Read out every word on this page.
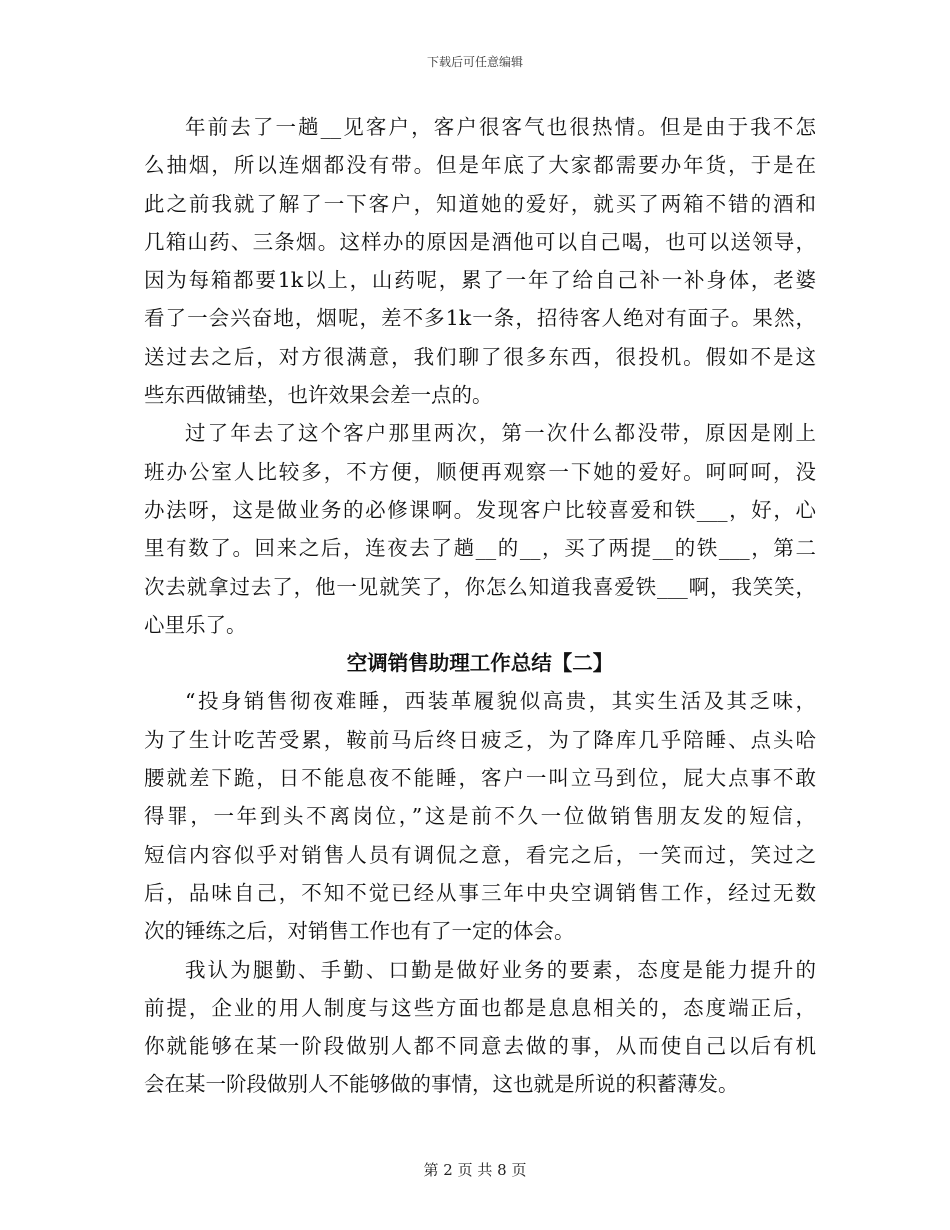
下载后可任意编辑
年前去了一趟__见客户，客户很客气也很热情。但是由于我不怎
么抽烟，所以连烟都没有带。但是年底了大家都需要办年货，于是在
此之前我就了解了一下客户，知道她的爱好，就买了两箱不错的酒和
几箱山药、三条烟。这样办的原因是酒他可以自己喝，也可以送领导，
因为每箱都要1k以上，山药呢，累了一年了给自己补一补身体，老婆
看了一会兴奋地，烟呢，差不多1k一条，招待客人绝对有面子。果然，
送过去之后，对方很满意，我们聊了很多东西，很投机。假如不是这
些东西做铺垫，也许效果会差一点的。
过了年去了这个客户那里两次，第一次什么都没带，原因是刚上
班办公室人比较多，不方便，顺便再观察一下她的爱好。呵呵呵，没
办法呀，这是做业务的必修课啊。发现客户比较喜爱和铁___，好，心
里有数了。回来之后，连夜去了趟__的__，买了两提__的铁___，第二
次去就拿过去了，他一见就笑了，你怎么知道我喜爱铁___啊，我笑笑，
心里乐了。
空调销售助理工作总结【二】
“投身销售彻夜难睡，西装革履貌似高贵，其实生活及其乏味，
为了生计吃苦受累，鞍前马后终日疲乏，为了降库几乎陪睡、点头哈
腰就差下跪，日不能息夜不能睡，客户一叫立马到位，屁大点事不敢
得罪，一年到头不离岗位，”这是前不久一位做销售朋友发的短信，
短信内容似乎对销售人员有调侃之意，看完之后，一笑而过，笑过之
后，品味自己，不知不觉已经从事三年中央空调销售工作，经过无数
次的锤练之后，对销售工作也有了一定的体会。
我认为腿勤、手勤、口勤是做好业务的要素，态度是能力提升的
前提，企业的用人制度与这些方面也都是息息相关的，态度端正后，
你就能够在某一阶段做别人都不同意去做的事，从而使自己以后有机
会在某一阶段做别人不能够做的事情，这也就是所说的积蓄薄发。
第 2 页 共 8 页
